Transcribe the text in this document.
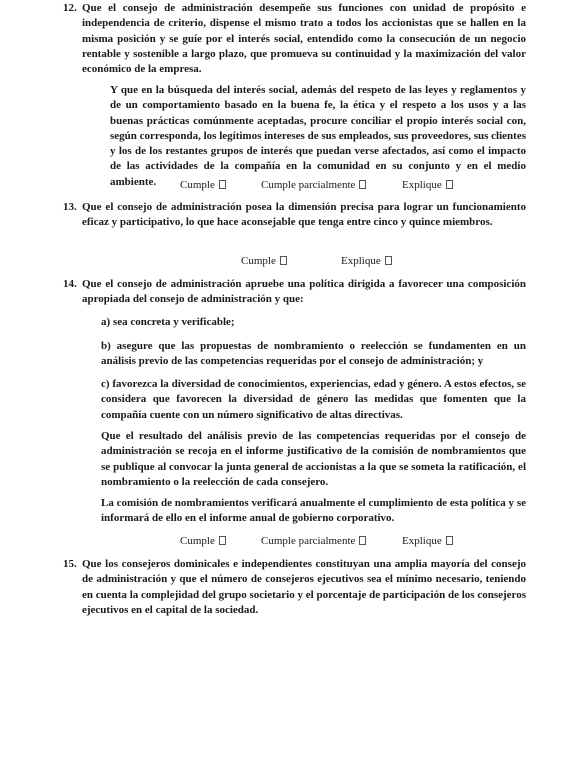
12. Que el consejo de administración desempeñe sus funciones con unidad de propósito e independencia de criterio, dispense el mismo trato a todos los accionistas que se hallen en la misma posición y se guíe por el interés social, entendido como la consecución de un negocio rentable y sostenible a largo plazo, que promueva su continuidad y la maximización del valor económico de la empresa.

Y que en la búsqueda del interés social, además del respeto de las leyes y reglamentos y de un comportamiento basado en la buena fe, la ética y el respeto a los usos y a las buenas prácticas comúnmente aceptadas, procure conciliar el propio interés social con, según corresponda, los legítimos intereses de sus empleados, sus proveedores, sus clientes y los de los restantes grupos de interés que puedan verse afectados, así como el impacto de las actividades de la compañía en la comunidad en su conjunto y en el medio ambiente.	Cumple	Cumple parcialmente	Explique
13. Que el consejo de administración posea la dimensión precisa para lograr un funcionamiento eficaz y participativo, lo que hace aconsejable que tenga entre cinco y quince miembros.

Cumple	Explique
14. Que el consejo de administración apruebe una política dirigida a favorecer una composición apropiada del consejo de administración y que:

a) sea concreta y verificable;

b) asegure que las propuestas de nombramiento o reelección se fundamenten en un análisis previo de las competencias requeridas por el consejo de administración; y

c) favorezca la diversidad de conocimientos, experiencias, edad y género. A estos efectos, se considera que favorecen la diversidad de género las medidas que fomenten que la compañía cuente con un número significativo de altas directivas.

Que el resultado del análisis previo de las competencias requeridas por el consejo de administración se recoja en el informe justificativo de la comisión de nombramientos que se publique al convocar la junta general de accionistas a la que se someta la ratificación, el nombramiento o la reelección de cada consejero.

La comisión de nombramientos verificará anualmente el cumplimiento de esta política y se informará de ello en el informe anual de gobierno corporativo.

Cumple	Cumple parcialmente	Explique
15. Que los consejeros dominicales e independientes constituyan una amplia mayoría del consejo de administración y que el número de consejeros ejecutivos sea el mínimo necesario, teniendo en cuenta la complejidad del grupo societario y el porcentaje de participación de los consejeros ejecutivos en el capital de la sociedad.
